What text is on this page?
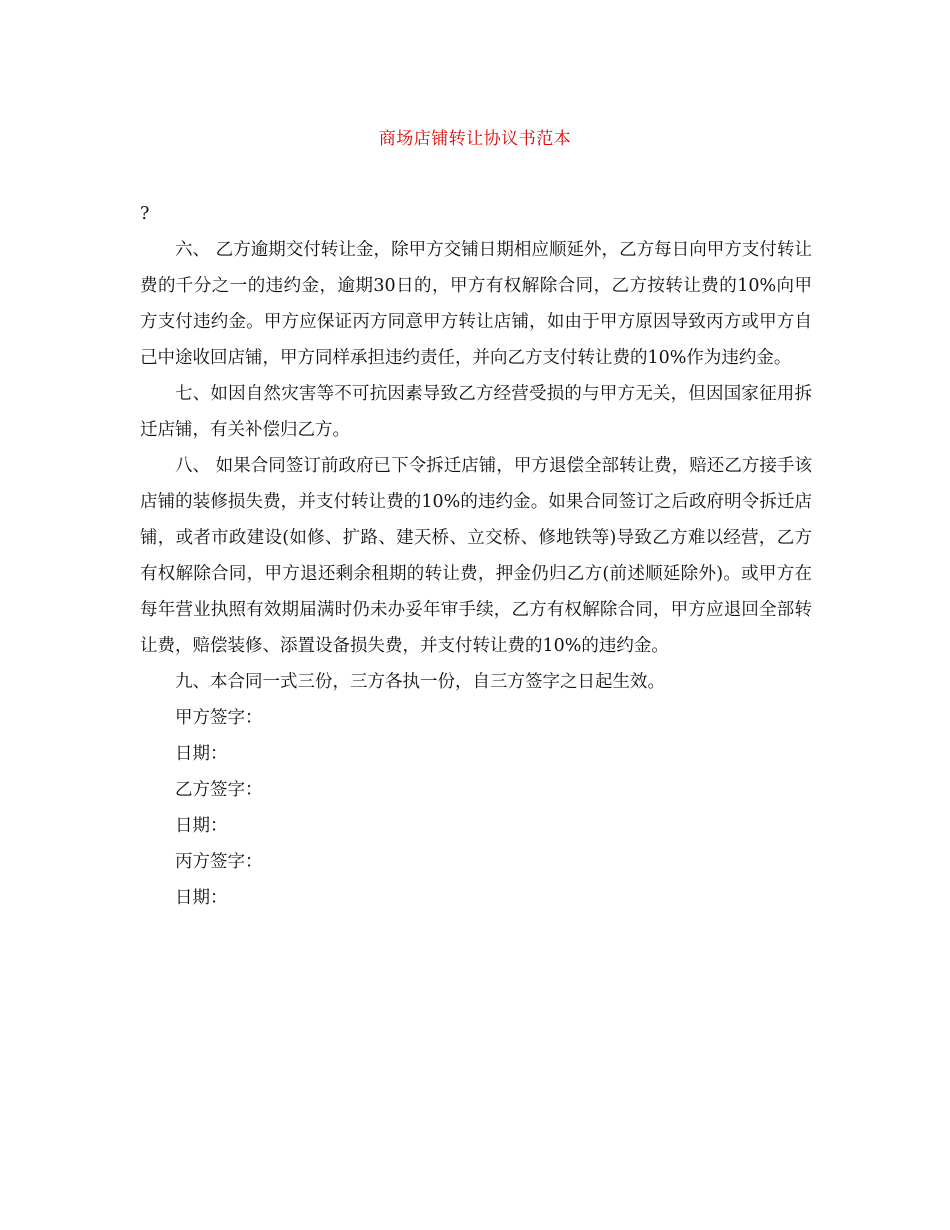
商场店铺转让协议书范本

?

六、 乙方逾期交付转让金，除甲方交铺日期相应顺延外，乙方每日向甲方支付转让费的千分之一的违约金，逾期30日的，甲方有权解除合同，乙方按转让费的10%向甲方支付违约金。甲方应保证丙方同意甲方转让店铺，如由于甲方原因导致丙方或甲方自己中途收回店铺，甲方同样承担违约责任，并向乙方支付转让费的10%作为违约金。

七、如因自然灾害等不可抗因素导致乙方经营受损的与甲方无关，但因国家征用拆迁店铺，有关补偿归乙方。

八、 如果合同签订前政府已下令拆迁店铺，甲方退偿全部转让费，赔还乙方接手该店铺的装修损失费，并支付转让费的10%的违约金。如果合同签订之后政府明令拆迁店铺，或者市政建设(如修、扩路、建天桥、立交桥、修地铁等)导致乙方难以经营，乙方有权解除合同，甲方退还剩余租期的转让费，押金仍归乙方(前述顺延除外)。或甲方在每年营业执照有效期届满时仍未办妥年审手续，乙方有权解除合同，甲方应退回全部转让费，赔偿装修、添置设备损失费，并支付转让费的10%的违约金。

九、本合同一式三份，三方各执一份，自三方签字之日起生效。

甲方签字：

日期：

乙方签字：

日期：

丙方签字：

日期：
